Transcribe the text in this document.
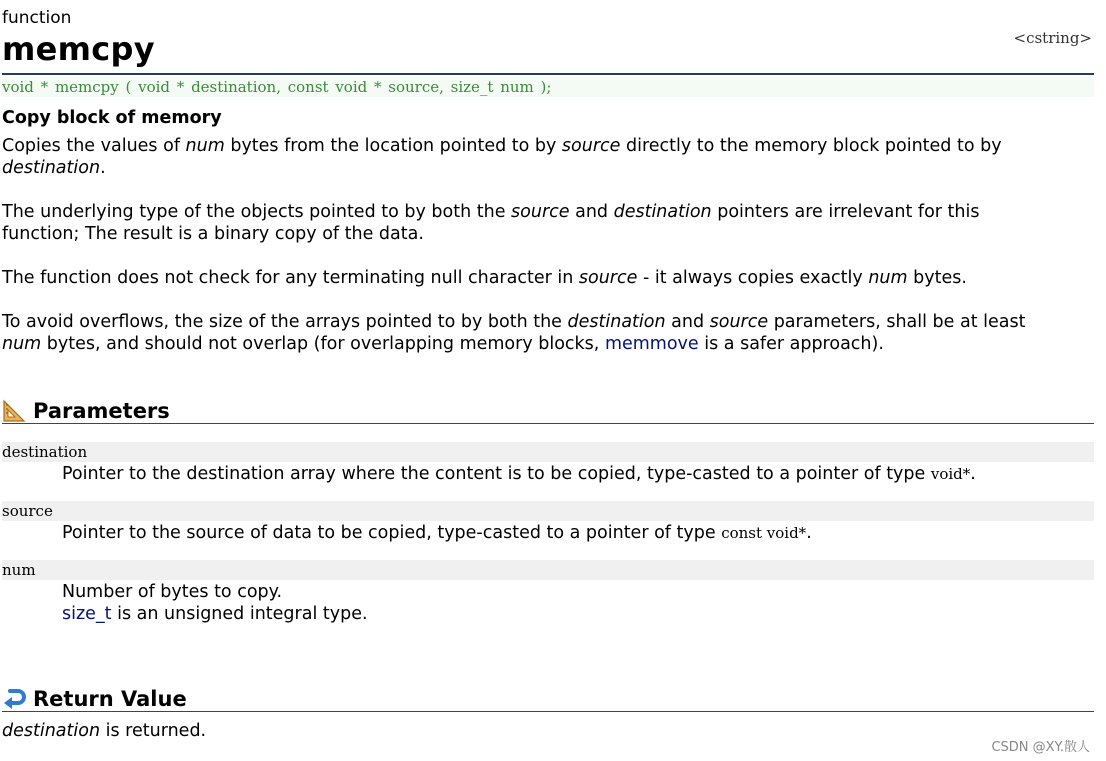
function
memcpy	<cstring>
void * memcpy ( void * destination, const void * source, size_t num );
Copy block of memory
Copies the values of num bytes from the location pointed to by source directly to the memory block pointed to by
destination.
The underlying type of the objects pointed to by both the source and destination pointers are irrelevant for this
function; The result is a binary copy of the data.
The function does not check for any terminating null character in source - it always copies exactly num bytes.
To avoid overflows, the size of the arrays pointed to by both the destination and source parameters, shall be at least
num bytes, and should not overlap (for overlapping memory blocks, memmove is a safer approach).
Parameters
destination
Pointer to the destination array where the content is to be copied, type-casted to a pointer of type void*.
source
Pointer to the source of data to be copied, type-casted to a pointer of type const void*.
num
Number of bytes to copy.
size_t is an unsigned integral type.
Return Value
destination is returned.
CSDN @XY.散人
